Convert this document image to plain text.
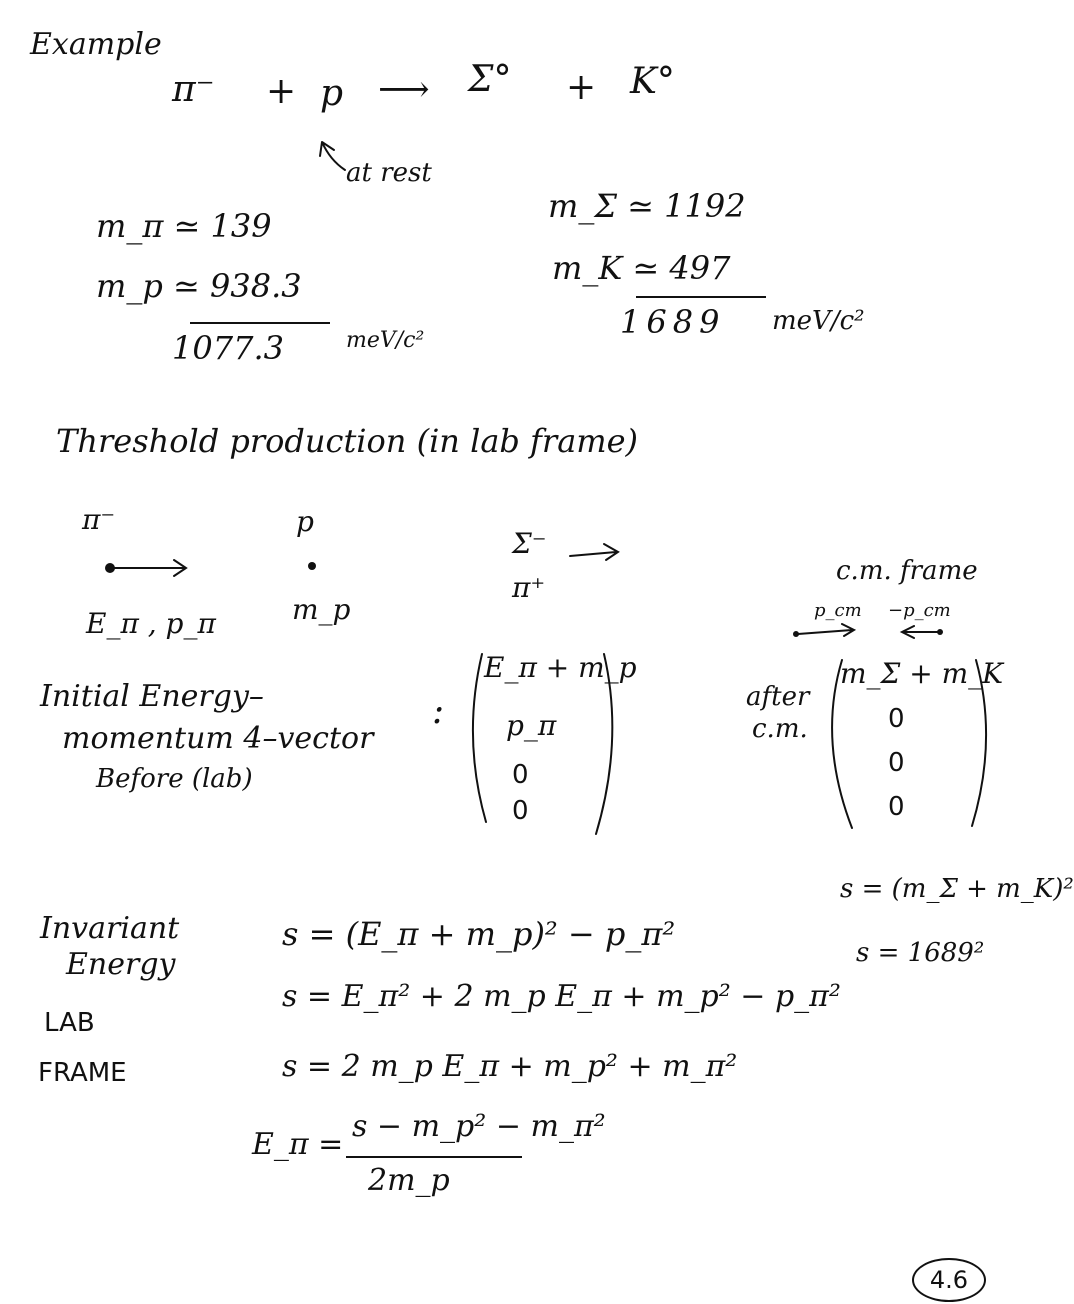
Example
π⁻ + p ⟶ Σ° + K°
at rest
m_π ≃ 139
m_p ≃ 938.3
1077.3	meV/c²
m_Σ ≃ 1192
m_K ≃ 497
1689 meV/c²
Threshold production (in lab frame)
π⁻	p
E_π , p_π	m_p
Σ⁻
π⁺	c.m. frame
p_cm −p_cm
Initial Energy–
momentum 4–vector
Before (lab)
:
E_π + m_p
p_π
0
0
after
c.m.
m_Σ + m_K
0
0
0
Invariant
Energy
LAB
FRAME
s = (E_π + m_p)² − p_π²
s = E_π² + 2 m_p E_π + m_p² − p_π²
s = 2 m_p E_π + m_p² + m_π²
E_π =
s − m_p² − m_π²
2m_p
s = (m_Σ + m_K)²
s = 1689²
4.6
